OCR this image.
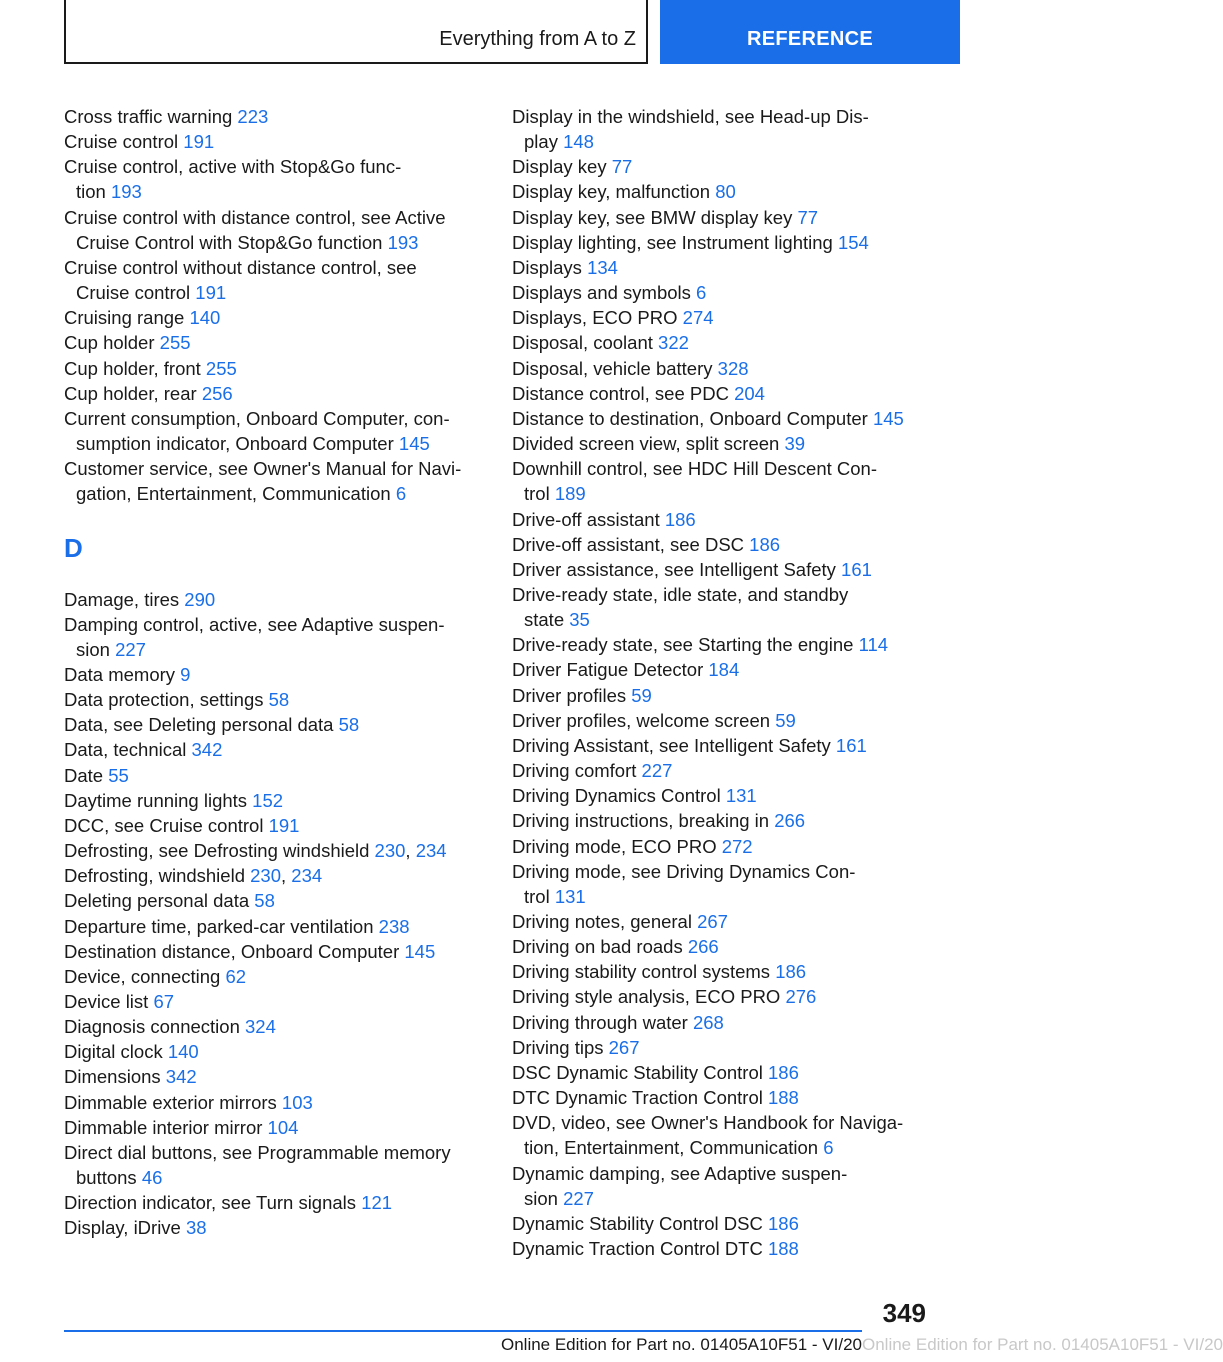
Everything from A to Z	REFERENCE
Cross traffic warning 223
Cruise control 191
Cruise control, active with Stop&Go func-
tion 193
Cruise control with distance control, see Active
Cruise Control with Stop&Go function 193
Cruise control without distance control, see
Cruise control 191
Cruising range 140
Cup holder 255
Cup holder, front 255
Cup holder, rear 256
Current consumption, Onboard Computer, con-
sumption indicator, Onboard Computer 145
Customer service, see Owner's Manual for Navi-
gation, Entertainment, Communication 6
D
Damage, tires 290
Damping control, active, see Adaptive suspen-
sion 227
Data memory 9
Data protection, settings 58
Data, see Deleting personal data 58
Data, technical 342
Date 55
Daytime running lights 152
DCC, see Cruise control 191
Defrosting, see Defrosting windshield 230, 234
Defrosting, windshield 230, 234
Deleting personal data 58
Departure time, parked-car ventilation 238
Destination distance, Onboard Computer 145
Device, connecting 62
Device list 67
Diagnosis connection 324
Digital clock 140
Dimensions 342
Dimmable exterior mirrors 103
Dimmable interior mirror 104
Direct dial buttons, see Programmable memory
buttons 46
Direction indicator, see Turn signals 121
Display, iDrive 38
Display in the windshield, see Head-up Dis-
play 148
Display key 77
Display key, malfunction 80
Display key, see BMW display key 77
Display lighting, see Instrument lighting 154
Displays 134
Displays and symbols 6
Displays, ECO PRO 274
Disposal, coolant 322
Disposal, vehicle battery 328
Distance control, see PDC 204
Distance to destination, Onboard Computer 145
Divided screen view, split screen 39
Downhill control, see HDC Hill Descent Con-
trol 189
Drive-off assistant 186
Drive-off assistant, see DSC 186
Driver assistance, see Intelligent Safety 161
Drive-ready state, idle state, and standby
state 35
Drive-ready state, see Starting the engine 114
Driver Fatigue Detector 184
Driver profiles 59
Driver profiles, welcome screen 59
Driving Assistant, see Intelligent Safety 161
Driving comfort 227
Driving Dynamics Control 131
Driving instructions, breaking in 266
Driving mode, ECO PRO 272
Driving mode, see Driving Dynamics Con-
trol 131
Driving notes, general 267
Driving on bad roads 266
Driving stability control systems 186
Driving style analysis, ECO PRO 276
Driving through water 268
Driving tips 267
DSC Dynamic Stability Control 186
DTC Dynamic Traction Control 188
DVD, video, see Owner's Handbook for Naviga-
tion, Entertainment, Communication 6
Dynamic damping, see Adaptive suspen-
sion 227
Dynamic Stability Control DSC 186
Dynamic Traction Control DTC 188
349
Online Edition for Part no. 01405A10F51 - VI/20 Online Edition for Part no. 01405A10F51 - VI/20
